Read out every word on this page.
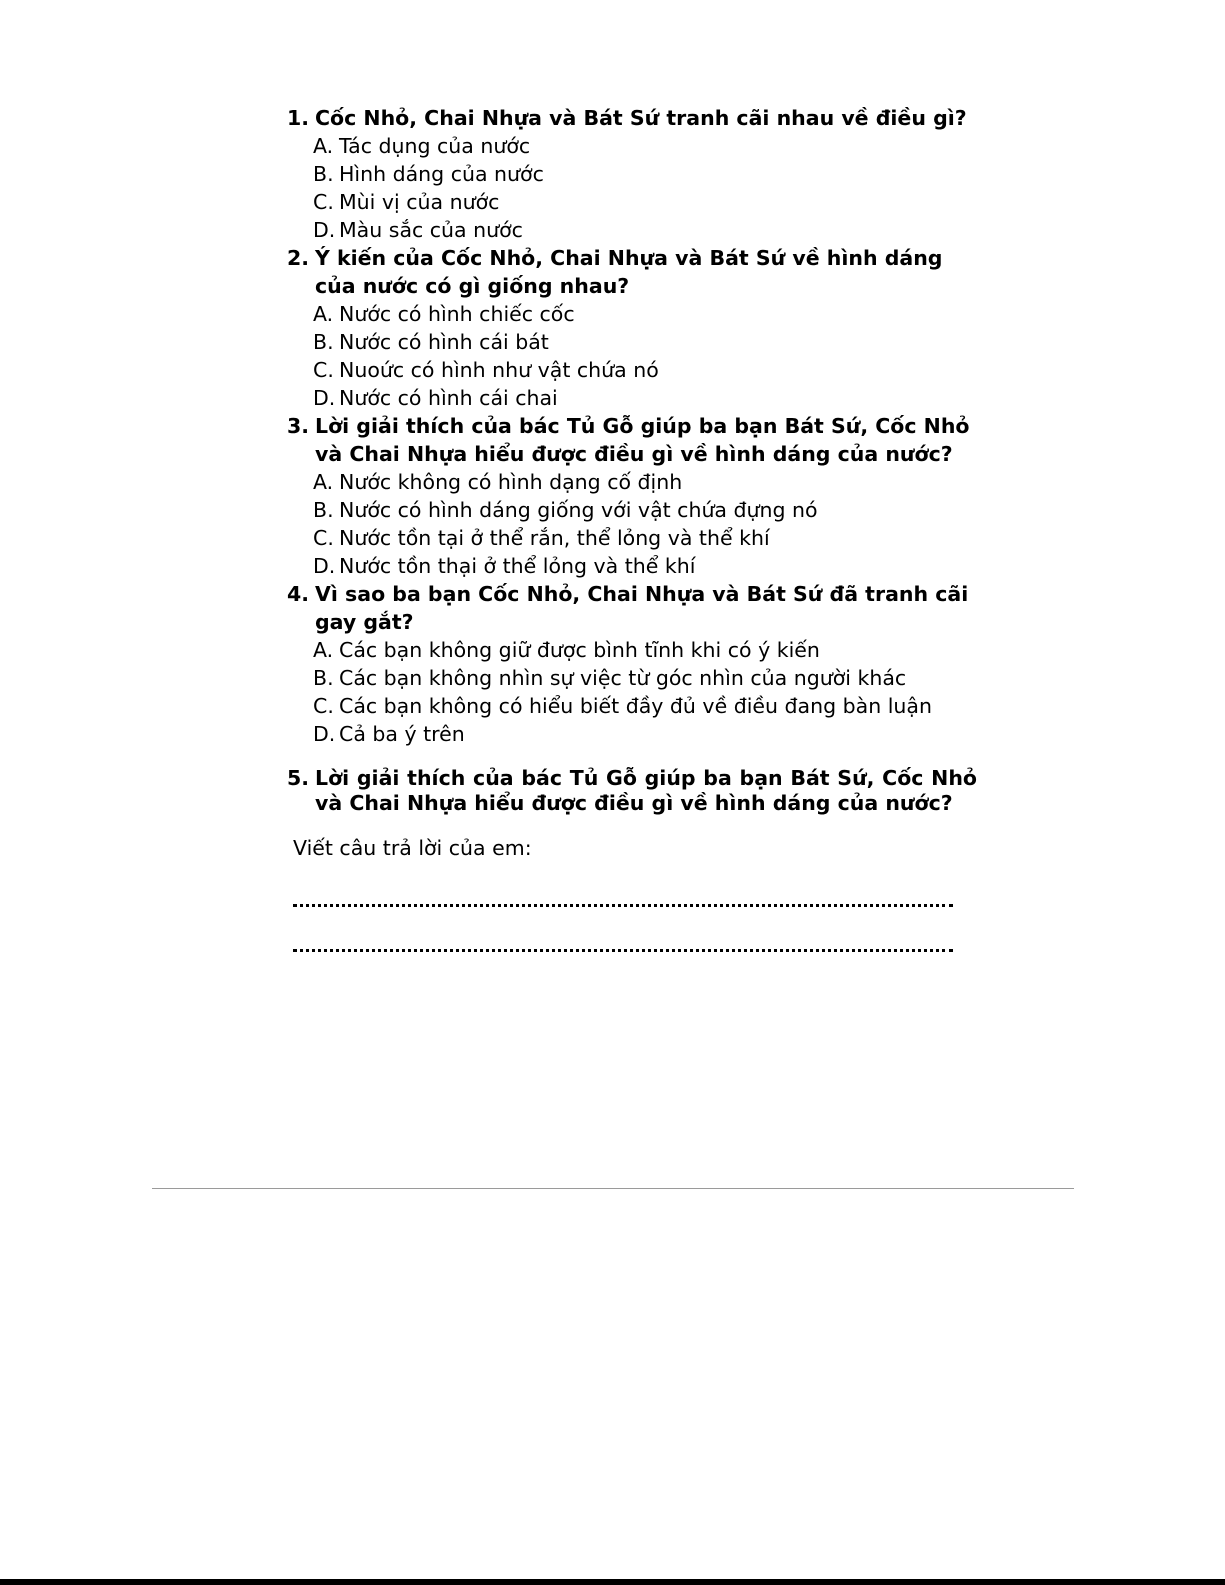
1. Cốc Nhỏ, Chai Nhựa và Bát Sứ tranh cãi nhau về điều gì?
A. Tác dụng của nước
B. Hình dáng của nước
C. Mùi vị của nước
D. Màu sắc của nước
2. Ý kiến của Cốc Nhỏ, Chai Nhựa và Bát Sứ về hình dáng của nước có gì giống nhau?
A. Nước có hình chiếc cốc
B. Nước có hình cái bát
C. Nuoức có hình như vật chứa nó
D. Nước có hình cái chai
3. Lời giải thích của bác Tủ Gỗ giúp ba bạn Bát Sứ, Cốc Nhỏ và Chai Nhựa hiểu được điều gì về hình dáng của nước?
A. Nước không có hình dạng cố định
B. Nước có hình dáng giống với vật chứa đựng nó
C. Nước tồn tại ở thể rắn, thể lỏng và thể khí
D. Nước tồn thại ở thể lỏng và thể khí
4. Vì sao ba bạn Cốc Nhỏ, Chai Nhựa và Bát Sứ đã tranh cãi gay gắt?
A. Các bạn không giữ được bình tĩnh khi có ý kiến
B. Các bạn không nhìn sự việc từ góc nhìn của người khác
C. Các bạn không có hiểu biết đầy đủ về điều đang bàn luận
D. Cả ba ý trên
5. Lời giải thích của bác Tủ Gỗ giúp ba bạn Bát Sứ, Cốc Nhỏ và Chai Nhựa hiểu được điều gì về hình dáng của nước?
Viết câu trả lời của em:
